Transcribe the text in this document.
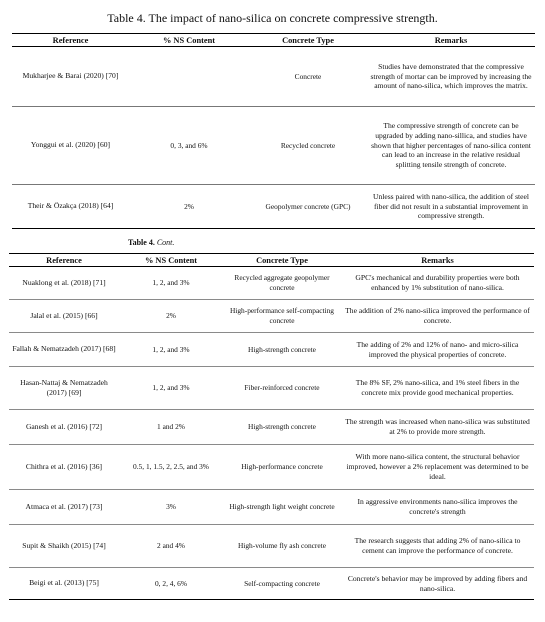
Table 4. The impact of nano-silica on concrete compressive strength.
Reference	% NS Content	Concrete Type	Remarks
Mukharjee & Barai (2020) [70]		Concrete	Studies have demonstrated that the compressive strength of mortar can be improved by increasing the amount of nano-silica, which improves the matrix.
Yonggui et al. (2020) [60]	0, 3, and 6%	Recycled concrete	The compressive strength of concrete can be upgraded by adding nano-sillica, and studies have shown that higher percentages of nano-silica content can lead to an increase in the relative residual splitting tensile strength of concrete.
Their & Özakça (2018) [64]	2%	Geopolymer concrete (GPC)	Unless paired with nano-silica, the addition of steel fiber did not result in a substantial improvement in compressive strength.
Table 4. Cont.
Reference	% NS Content	Concrete Type	Remarks
Nuaklong et al. (2018) [71]	1, 2, and 3%	Recycled aggregate geopolymer concrete	GPC's mechanical and durability properties were both enhanced by 1% substitution of nano-silica.
Jalal et al. (2015) [66]	2%	High-performance self-compacting concrete	The addition of 2% nano-silica improved the performance of concrete.
Fallah & Nematzadeh (2017) [68]	1, 2, and 3%	High-strength concrete	The adding of 2% and 12% of nano- and micro-silica improved the physical properties of concrete.
Hasan-Nattaj & Nematzadeh (2017) [69]	1, 2, and 3%	Fiber-reinforced concrete	The 8% SF, 2% nano-silica, and 1% steel fibers in the concrete mix provide good mechanical properties.
Ganesh et al. (2016) [72]	1 and 2%	High-strength concrete	The strength was increased when nano-silica was substituted at 2% to provide more strength.
Chithra et al. (2016) [36]	0.5, 1, 1.5, 2, 2.5, and 3%	High-performance concrete	With more nano-silica content, the structural behavior improved, however a 2% replacement was determined to be ideal.
Atmaca et al. (2017) [73]	3%	High-strength light weight concrete	In aggressive environments nano-silica improves the concrete's strength
Supit & Shaikh (2015) [74]	2 and 4%	High-volume fly ash concrete	The research suggests that adding 2% of nano-silica to cement can improve the performance of concrete.
Beigi et al. (2013) [75]	0, 2, 4, 6%	Self-compacting concrete	Concrete's behavior may be improved by adding fibers and nano-silica.
